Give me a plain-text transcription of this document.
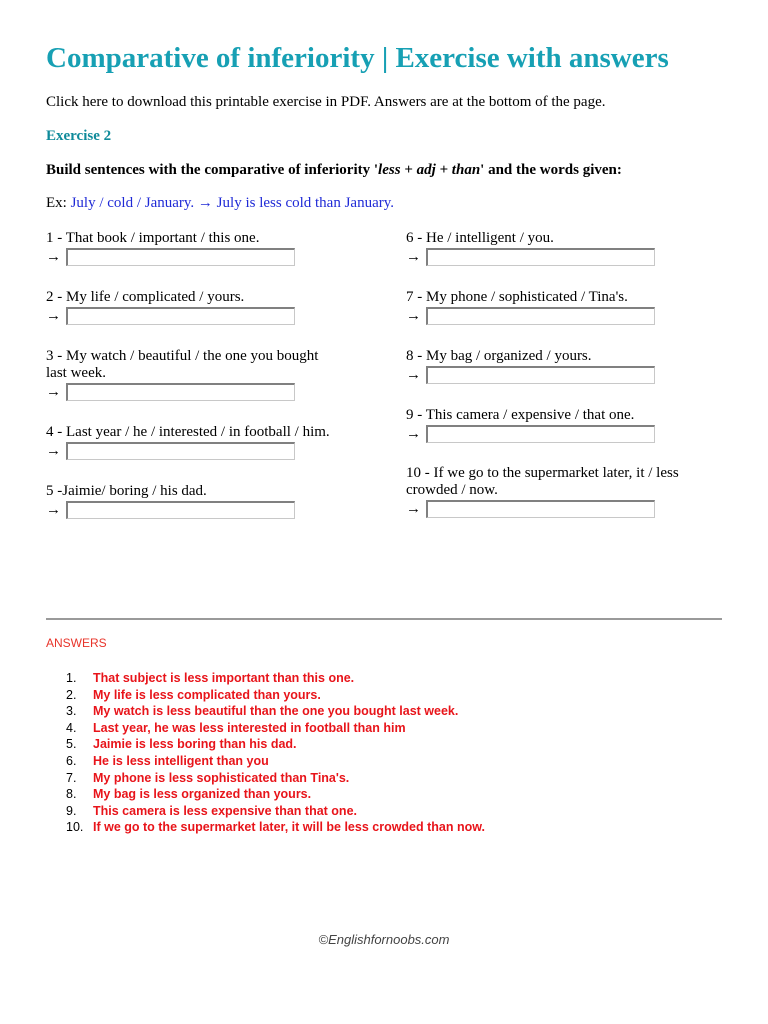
Comparative of inferiority | Exercise with answers
Click here to download this printable exercise in PDF. Answers are at the bottom of the page.
Exercise 2
Build sentences with the comparative of inferiority 'less + adj + than' and the words given:
Ex: July / cold / January. → July is less cold than January.

1 - That book / important / this one.

→

2 - My life / complicated / yours.

→

3 - My watch / beautiful / the one you bought last week.

→

4 - Last year / he / interested / in football / him.

→

5 -Jaimie/ boring / his dad.

→

6 - He / intelligent / you.

→

7 - My phone / sophisticated / Tina's.

→

8 - My bag / organized / yours.

→

9 - This camera / expensive / that one.

→

10 - If we go to the supermarket later, it / less crowded / now.

→
ANSWERS
1.	That subject is less important than this one.
2.	My life is less complicated than yours.
3.	My watch is less beautiful than the one you bought last week.
4.	Last year, he was less interested in football than him
5.	Jaimie is less boring than his dad.
6.	He is less intelligent than you
7.	My phone is less sophisticated than Tina's.
8.	My bag is less organized than yours.
9.	This camera is less expensive than that one.
10. If we go to the supermarket later, it will be less crowded than now.
©Englishfornoobs.com
